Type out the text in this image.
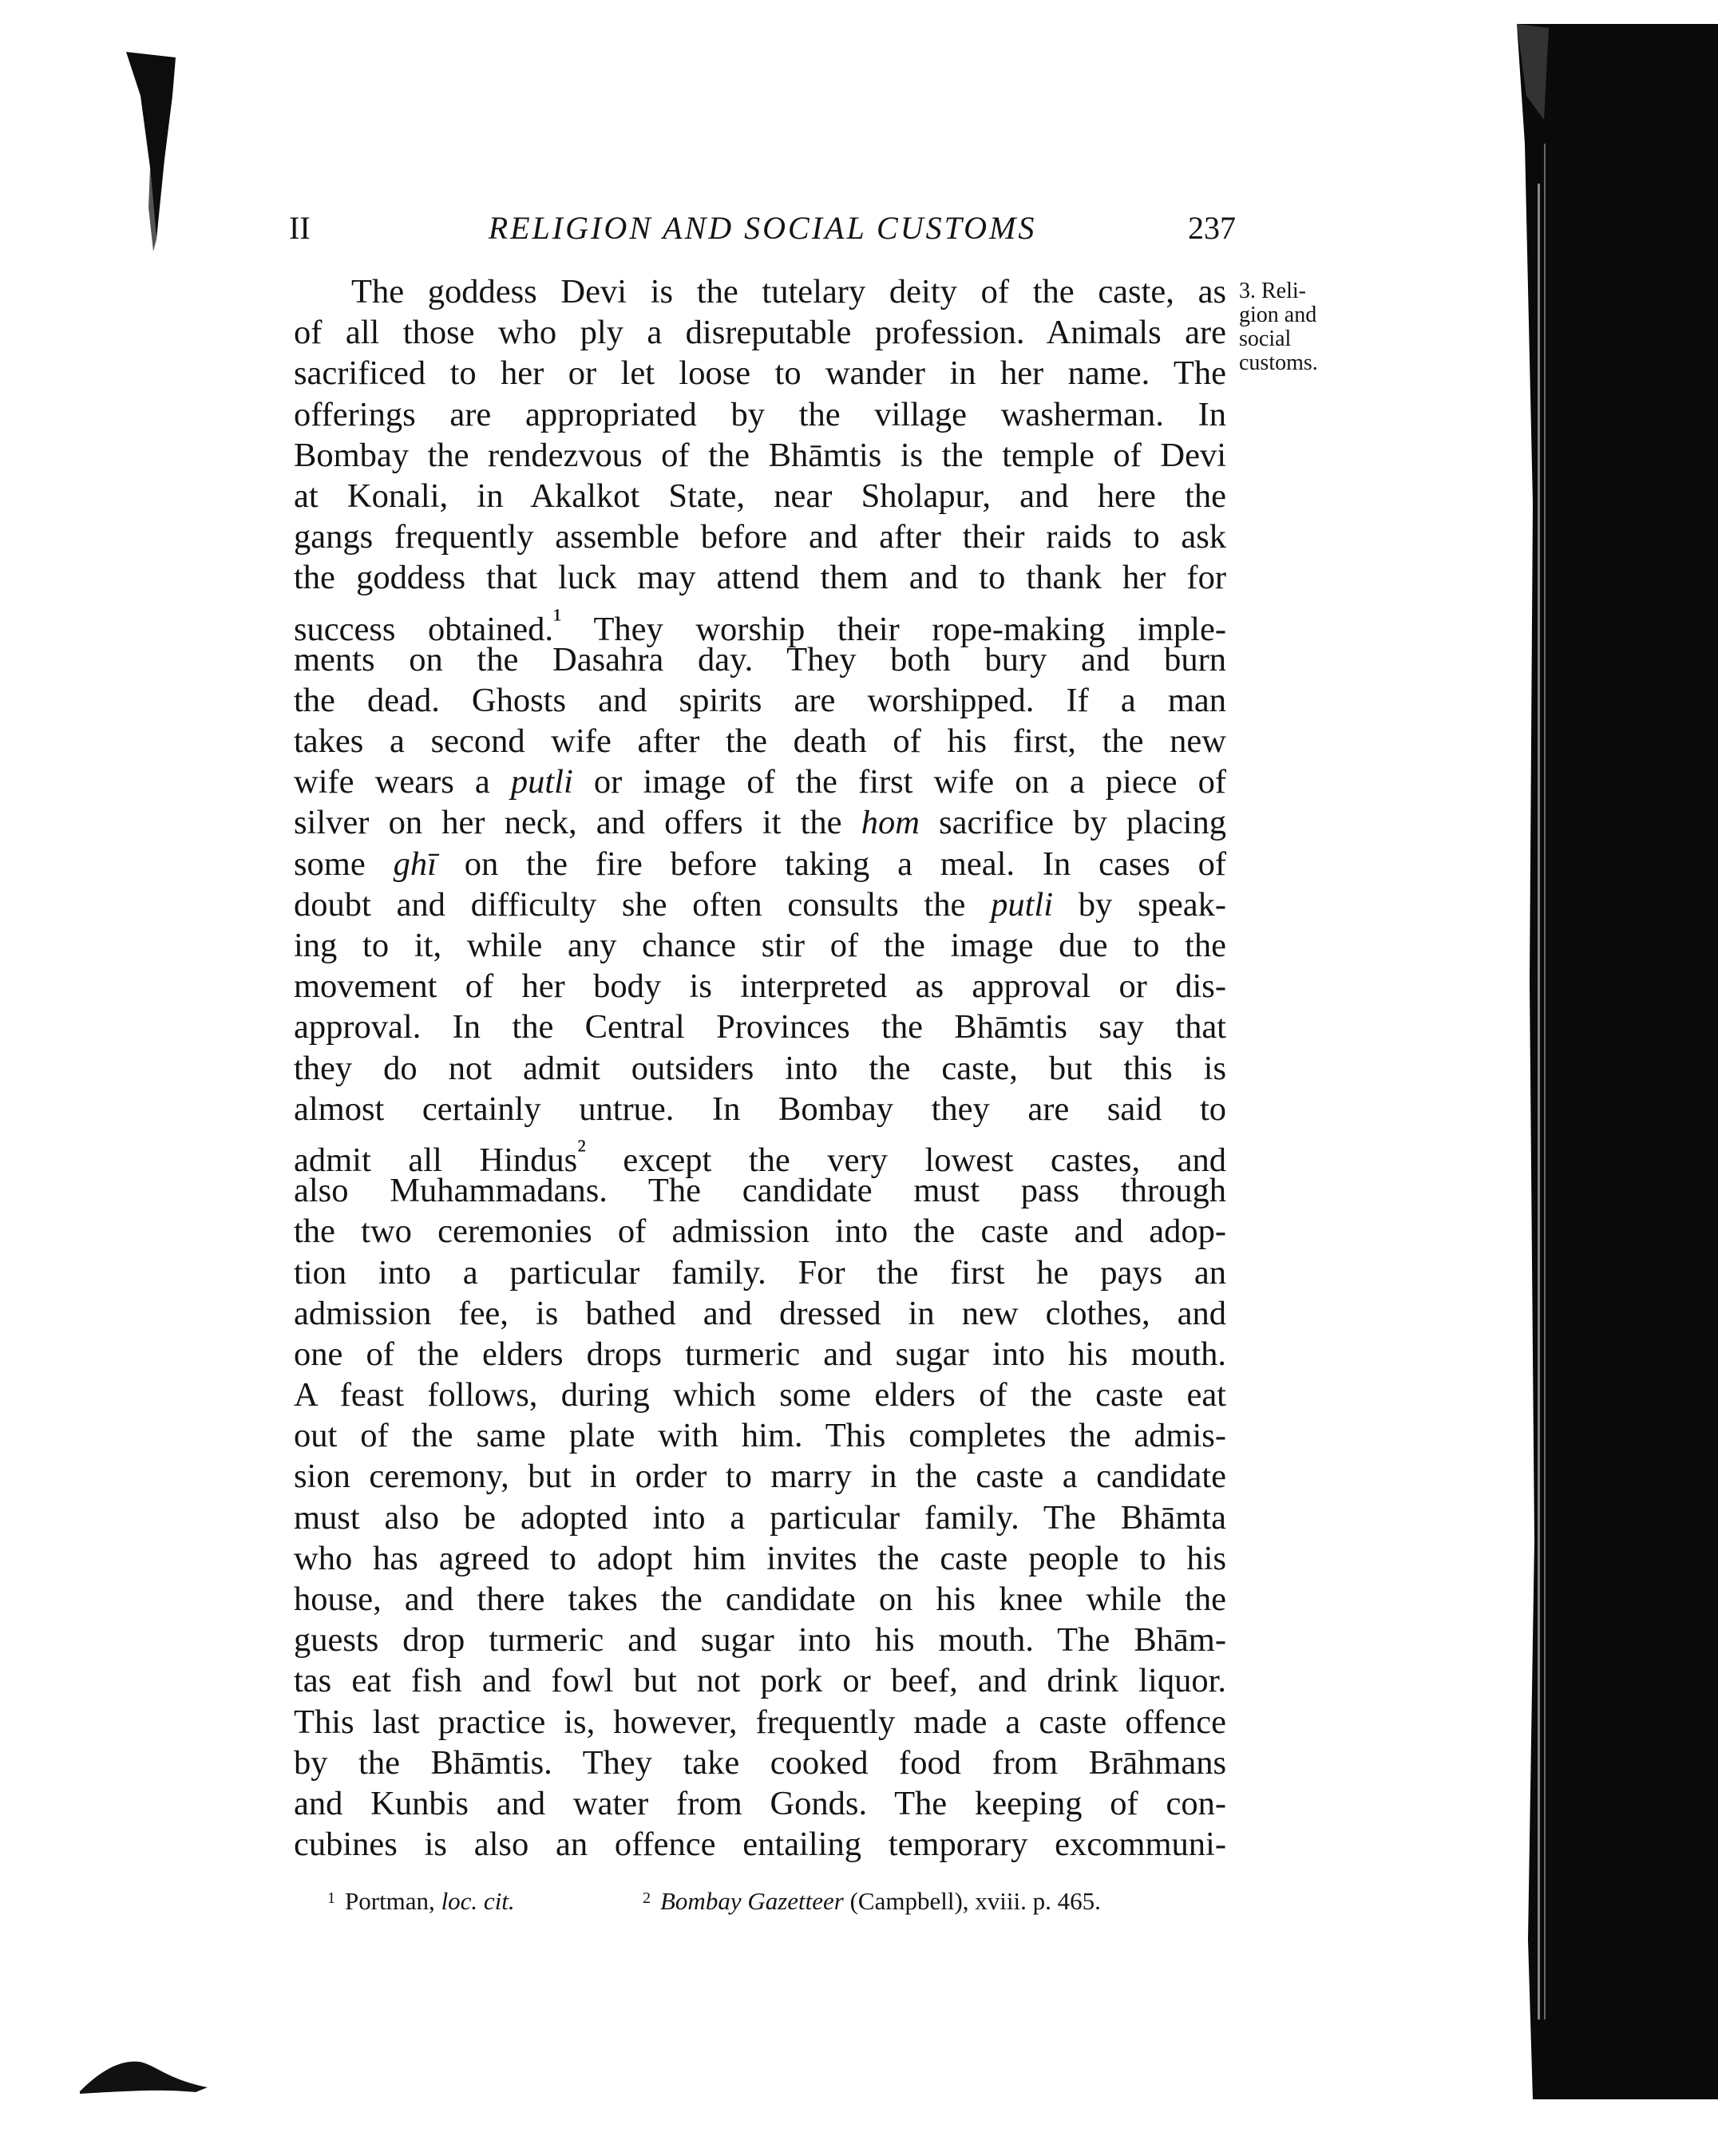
II	RELIGION AND SOCIAL CUSTOMS	237
3. Reli-
gion and
social
customs.
The goddess Devi is the tutelary deity of the caste, as
of all those who ply a disreputable profession. Animals are
sacrificed to her or let loose to wander in her name. The
offerings are appropriated by the village washerman. In
Bombay the rendezvous of the Bhāmtis is the temple of Devi
at Konali, in Akalkot State, near Sholapur, and here the
gangs frequently assemble before and after their raids to ask
the goddess that luck may attend them and to thank her for
success obtained.$^{^1}$ They worship their rope-making imple-
ments on the Dasahra day. They both bury and burn
the dead. Ghosts and spirits are worshipped. If a man
takes a second wife after the death of his first, the new
wife wears a putli or image of the first wife on a piece of
silver on her neck, and offers it the hom sacrifice by placing
some ghī on the fire before taking a meal. In cases of
doubt and difficulty she often consults the putli by speak-
ing to it, while any chance stir of the image due to the
movement of her body is interpreted as approval or dis-
approval. In the Central Provinces the Bhāmtis say that
they do not admit outsiders into the caste, but this is
almost certainly untrue. In Bombay they are said to
admit all Hindus$^{^2}$ except the very lowest castes, and
also Muhammadans. The candidate must pass through
the two ceremonies of admission into the caste and adop-
tion into a particular family. For the first he pays an
admission fee, is bathed and dressed in new clothes, and
one of the elders drops turmeric and sugar into his mouth.
A feast follows, during which some elders of the caste eat
out of the same plate with him. This completes the admis-
sion ceremony, but in order to marry in the caste a candidate
must also be adopted into a particular family. The Bhāmta
who has agreed to adopt him invites the caste people to his
house, and there takes the candidate on his knee while the
guests drop turmeric and sugar into his mouth. The Bhām-
tas eat fish and fowl but not pork or beef, and drink liquor.
This last practice is, however, frequently made a caste offence
by the Bhāmtis. They take cooked food from Brāhmans
and Kunbis and water from Gonds. The keeping of con-
cubines is also an offence entailing temporary excommuni-
$^1$ Portman, loc. cit.	$^2$ Bombay Gazetteer (Campbell), xviii. p. 465.
